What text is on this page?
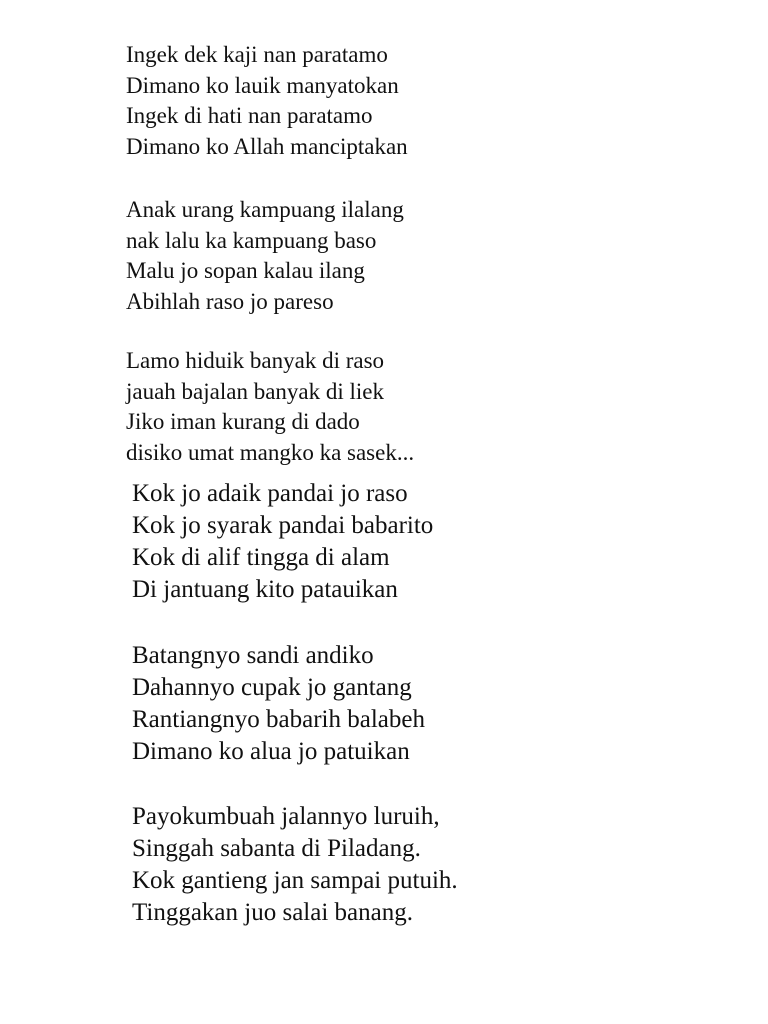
Ingek dek kaji nan paratamo
Dimano ko lauik manyatokan
Ingek di hati nan paratamo
Dimano ko Allah manciptakan
Anak urang kampuang ilalang
nak lalu ka kampuang baso
Malu jo sopan kalau ilang
Abihlah raso jo pareso
Lamo hiduik banyak di raso
jauah bajalan banyak di liek
Jiko iman kurang di dado
disiko umat mangko ka sasek...
Kok jo adaik pandai jo raso
Kok jo syarak pandai babarito
Kok di alif tingga di alam
Di jantuang kito patauikan
Batangnyo sandi andiko
Dahannyo cupak jo gantang
Rantiangnyo babarih balabeh
Dimano ko alua jo patuikan
Payokumbuah jalannyo luruih,
Singgah sabanta di Piladang.
Kok gantieng jan sampai putuih.
Tinggakan juo salai banang.
